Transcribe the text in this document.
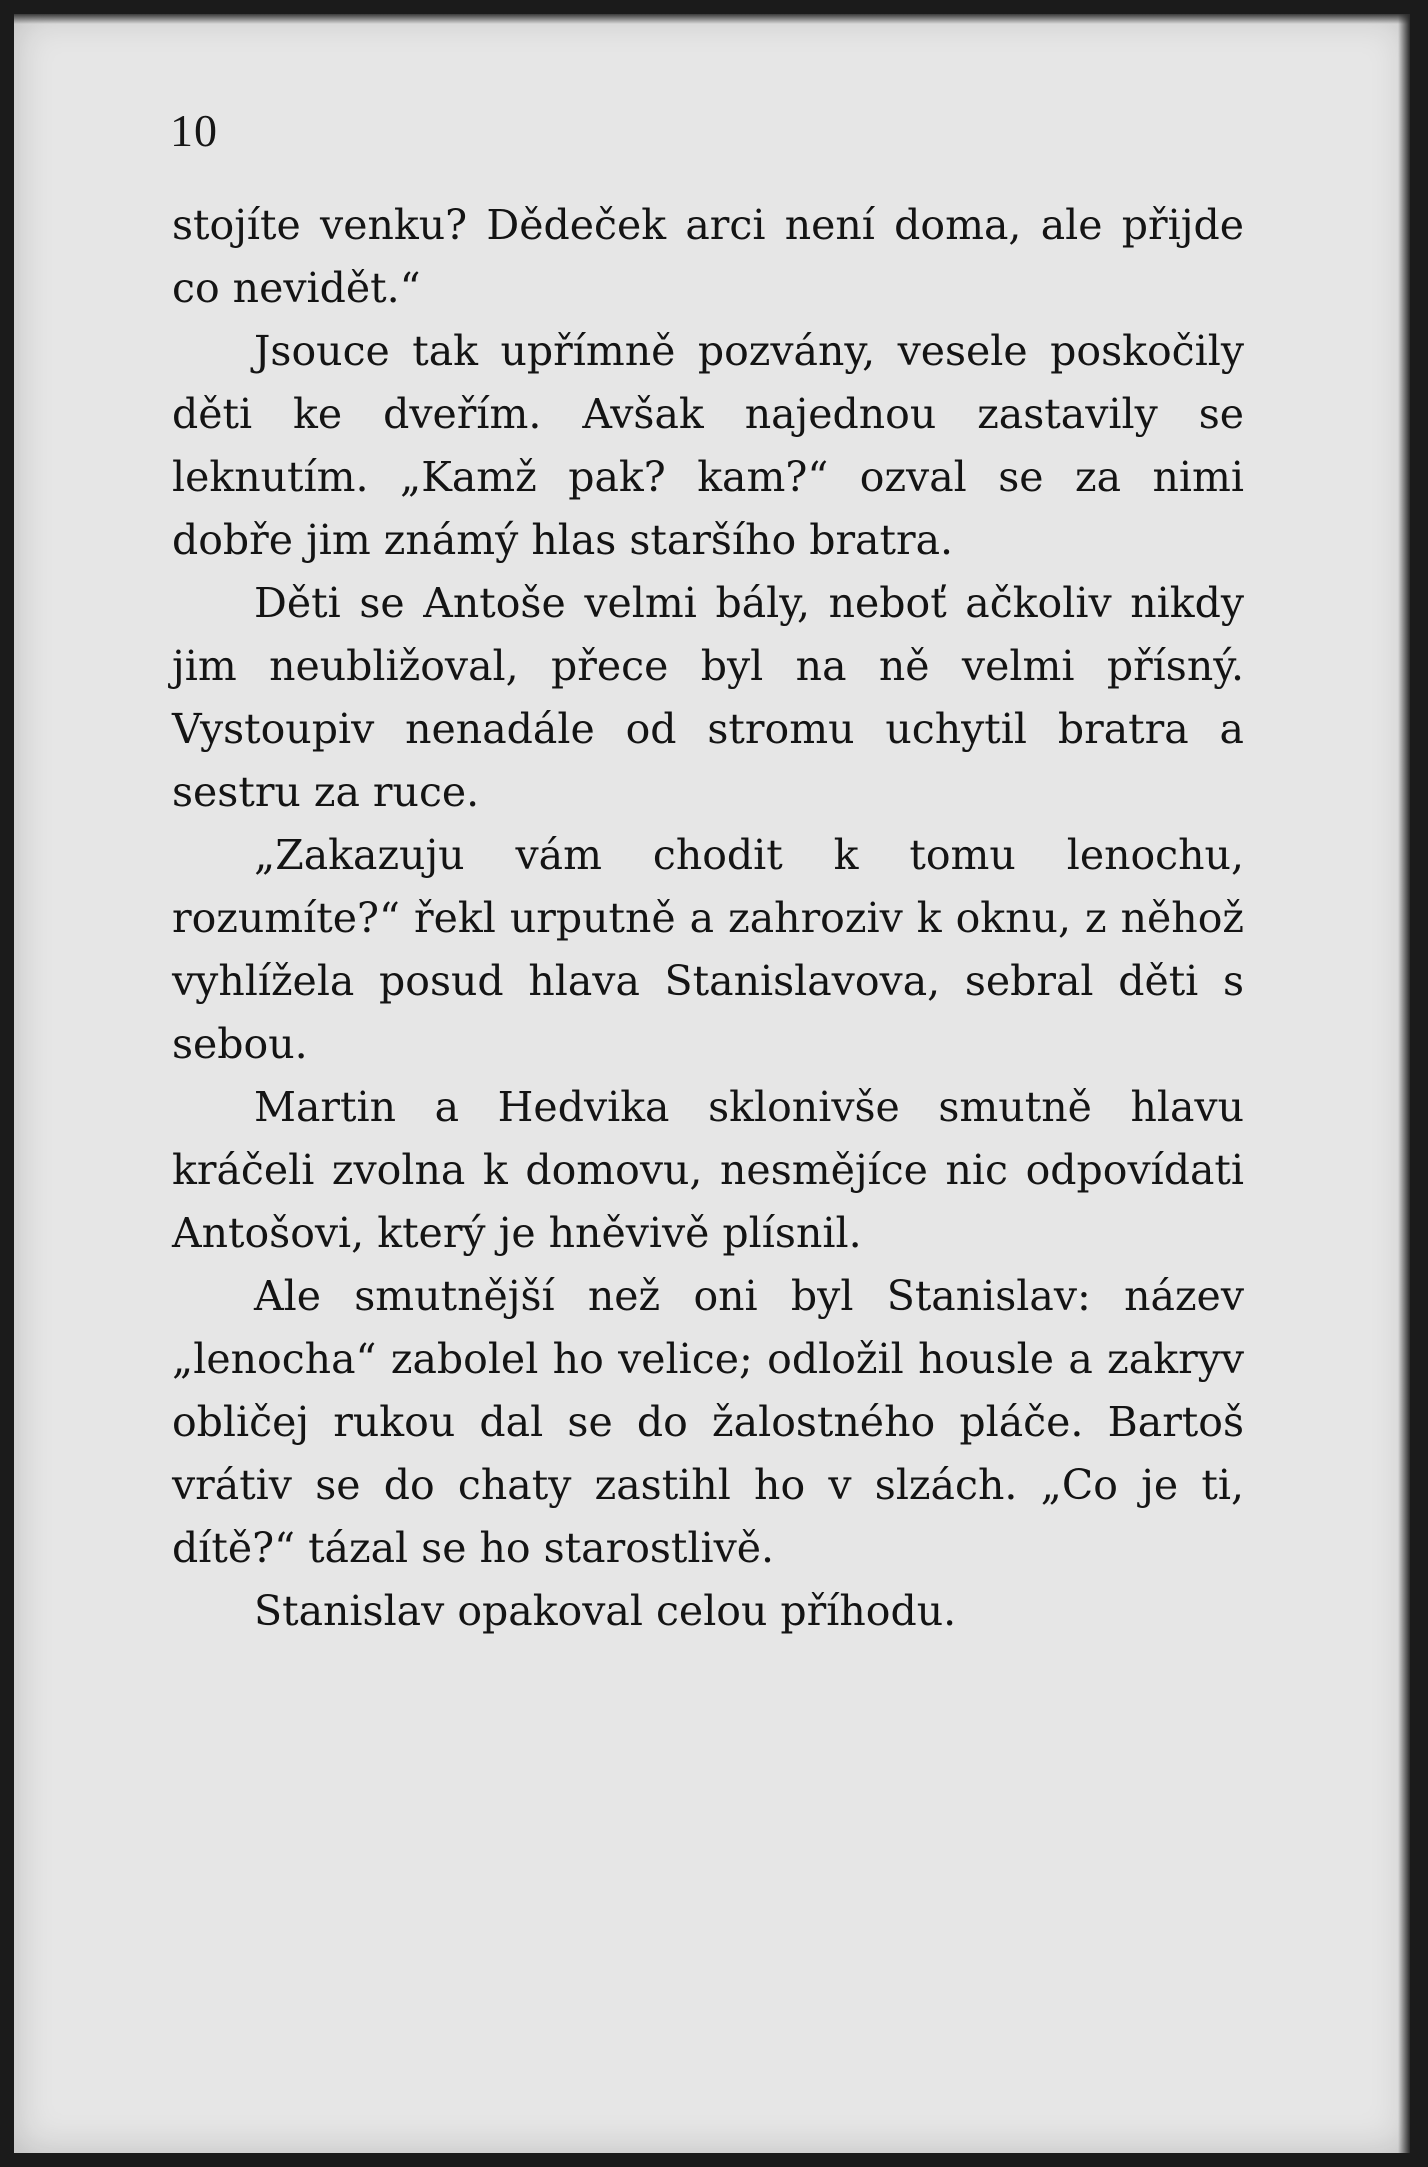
10

stojíte venku? Dědeček arci není doma, ale přijde co nevidět.“

Jsouce tak upřímně pozvány, vesele poskočily děti ke dveřím. Avšak najednou zastavily se leknutím. „Kamž pak? kam?“ ozval se za nimi dobře jim známý hlas staršího bratra.

Děti se Antoše velmi bály, neboť ačkoliv nikdy jim neubližoval, přece byl na ně velmi přísný. Vystoupiv nenadále od stromu uchytil bratra a sestru za ruce.

„Zakazuju vám chodit k tomu lenochu, rozumíte?“ řekl urputně a zahroziv k oknu, z něhož vyhlížela posud hlava Stanislavova, sebral děti s sebou.

Martin a Hedvika sklonivše smutně hlavu kráčeli zvolna k domovu, nesmějíce nic odpovídati Antošovi, který je hněvivě plísnil.

Ale smutnější než oni byl Stanislav: název „lenocha“ zabolel ho velice; odložil housle a zakryv obličej rukou dal se do žalostného pláče. Bartoš vrátiv se do chaty zastihl ho v slzách. „Co je ti, dítě?“ tázal se ho starostlivě.

Stanislav opakoval celou příhodu.
